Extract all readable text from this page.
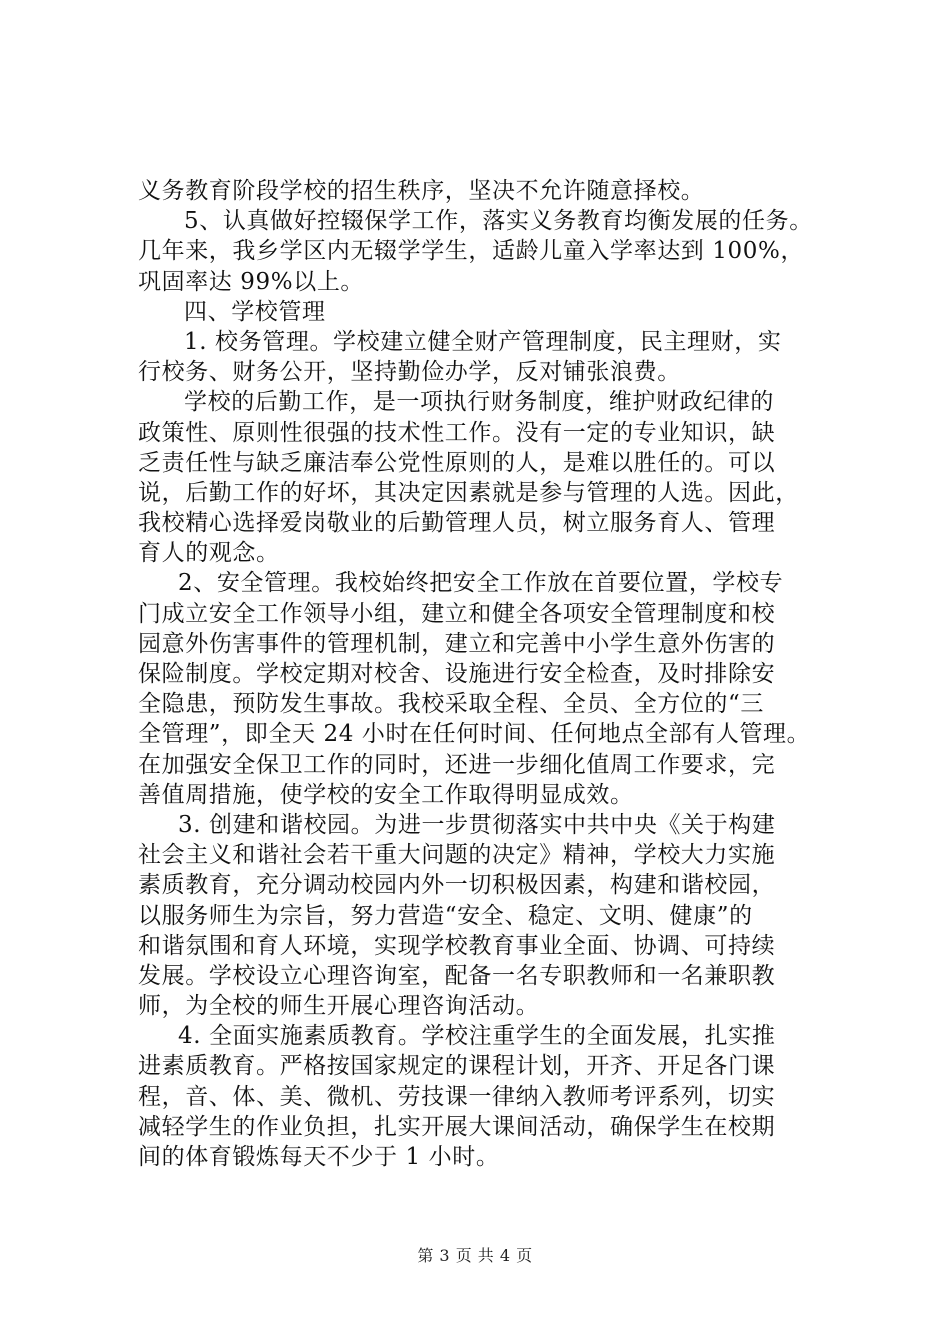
义务教育阶段学校的招生秩序，坚决不允许随意择校。
5、认真做好控辍保学工作，落实义务教育均衡发展的任务。
几年来，我乡学区内无辍学学生，适龄儿童入学率达到 100%，
巩固率达 99%以上。
四、学校管理
1. 校务管理。学校建立健全财产管理制度，民主理财，实
行校务、财务公开，坚持勤俭办学，反对铺张浪费。
学校的后勤工作，是一项执行财务制度，维护财政纪律的
政策性、原则性很强的技术性工作。没有一定的专业知识，缺
乏责任性与缺乏廉洁奉公党性原则的人，是难以胜任的。可以
说，后勤工作的好坏，其决定因素就是参与管理的人选。因此，
我校精心选择爱岗敬业的后勤管理人员，树立服务育人、管理
育人的观念。
2、安全管理。我校始终把安全工作放在首要位置，学校专
门成立安全工作领导小组，建立和健全各项安全管理制度和校
园意外伤害事件的管理机制，建立和完善中小学生意外伤害的
保险制度。学校定期对校舍、设施进行安全检查，及时排除安
全隐患，预防发生事故。我校采取全程、全员、全方位的“三
全管理”，即全天 24 小时在任何时间、任何地点全部有人管理。
在加强安全保卫工作的同时，还进一步细化值周工作要求，完
善值周措施，使学校的安全工作取得明显成效。
3. 创建和谐校园。为进一步贯彻落实中共中央《关于构建
社会主义和谐社会若干重大问题的决定》精神，学校大力实施
素质教育，充分调动校园内外一切积极因素，构建和谐校园，
以服务师生为宗旨，努力营造“安全、稳定、文明、健康”的
和谐氛围和育人环境，实现学校教育事业全面、协调、可持续
发展。学校设立心理咨询室，配备一名专职教师和一名兼职教
师，为全校的师生开展心理咨询活动。
4. 全面实施素质教育。学校注重学生的全面发展，扎实推
进素质教育。严格按国家规定的课程计划，开齐、开足各门课
程，音、体、美、微机、劳技课一律纳入教师考评系列，切实
减轻学生的作业负担，扎实开展大课间活动，确保学生在校期
间的体育锻炼每天不少于 1 小时。
第 3 页 共 4 页
